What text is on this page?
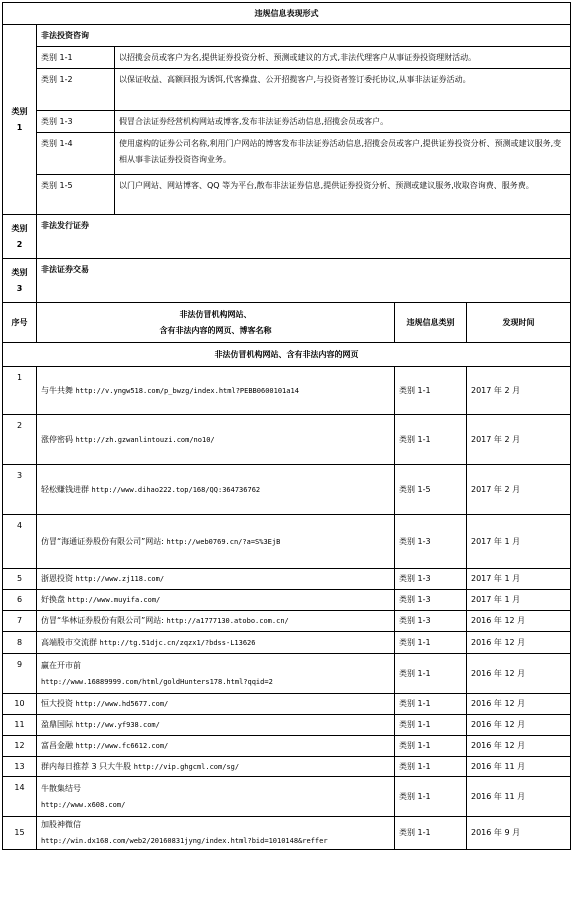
违规信息表现形式				
类别
1	非法投资咨询			
	类别 1-1	以招揽会员或客户为名,提供证券投资分析、预测或建议的方式,非法代理客户从事证券投资理财活动。		
	类别 1-2	以保证收益、高额回报为诱饵,代客操盘、公开招揽客户,与投资者签订委托协议,从事非法证券活动。		
	类别 1-3	假冒合法证券经营机构网站或博客,发布非法证券活动信息,招揽会员或客户。		
	类别 1-4	使用虚构的证券公司名称,利用门户网站的博客发布非法证券活动信息,招揽会员或客户,提供证券投资分析、预测或建议服务,变相从事非法证券投资咨询业务。		
	类别 1-5	以门户网站、网站博客、QQ 等为平台,散布非法证券信息,提供证券投资分析、预测或建议服务,收取咨询费、服务费。		
类别
2	非法发行证券			
类别
3	非法证券交易			
序号	非法仿冒机构网站、
含有非法内容的网页、博客名称		违规信息类别	发现时间
非法仿冒机构网站、含有非法内容的网页				
1	与牛共舞 http://v.yngw518.com/p_bwzg/index.html?PEBB0600101a14		类别 1-1	2017 年 2 月
2	涨停密码 http://zh.gzwanlintouzi.com/no10/		类别 1-1	2017 年 2 月
3	轻松赚钱进群 http://www.dihao222.top/168/QQ:364736762		类别 1-5	2017 年 2 月
4	仿冒“海通证券股份有限公司”网站: http://web0769.cn/?a=S%3EjB		类别 1-3	2017 年 1 月
5	浙恩投资 http://www.zj118.com/		类别 1-3	2017 年 1 月
6	好换盘 http://www.muyifa.com/		类别 1-3	2017 年 1 月
7	仿冒“华林证券股份有限公司”网站: http://a1777130.atobo.com.cn/		类别 1-3	2016 年 12 月
8	高端股市交流群 http://tg.51djc.cn/zqzx1/?bdss-L13626		类别 1-1	2016 年 12 月
9	赢在开市前
http://www.16889999.com/html/goldHunters178.html?qqid=2		类别 1-1	2016 年 12 月
10	恒大投资 http://www.hd5677.com/		类别 1-1	2016 年 12 月
11	盈鼎国际 http://ww.yf938.com/		类别 1-1	2016 年 12 月
12	富昌金融 http://www.fc6612.com/		类别 1-1	2016 年 12 月
13	群内每日推荐 3 只大牛股 http://vip.ghgcml.com/sg/		类别 1-1	2016 年 11 月
14	牛散集结号
http://www.x608.com/		类别 1-1	2016 年 11 月
15	加股神微信
http://win.dx168.com/web2/20160831jyng/index.html?bid=1010148&reffer		类别 1-1	2016 年 9 月
